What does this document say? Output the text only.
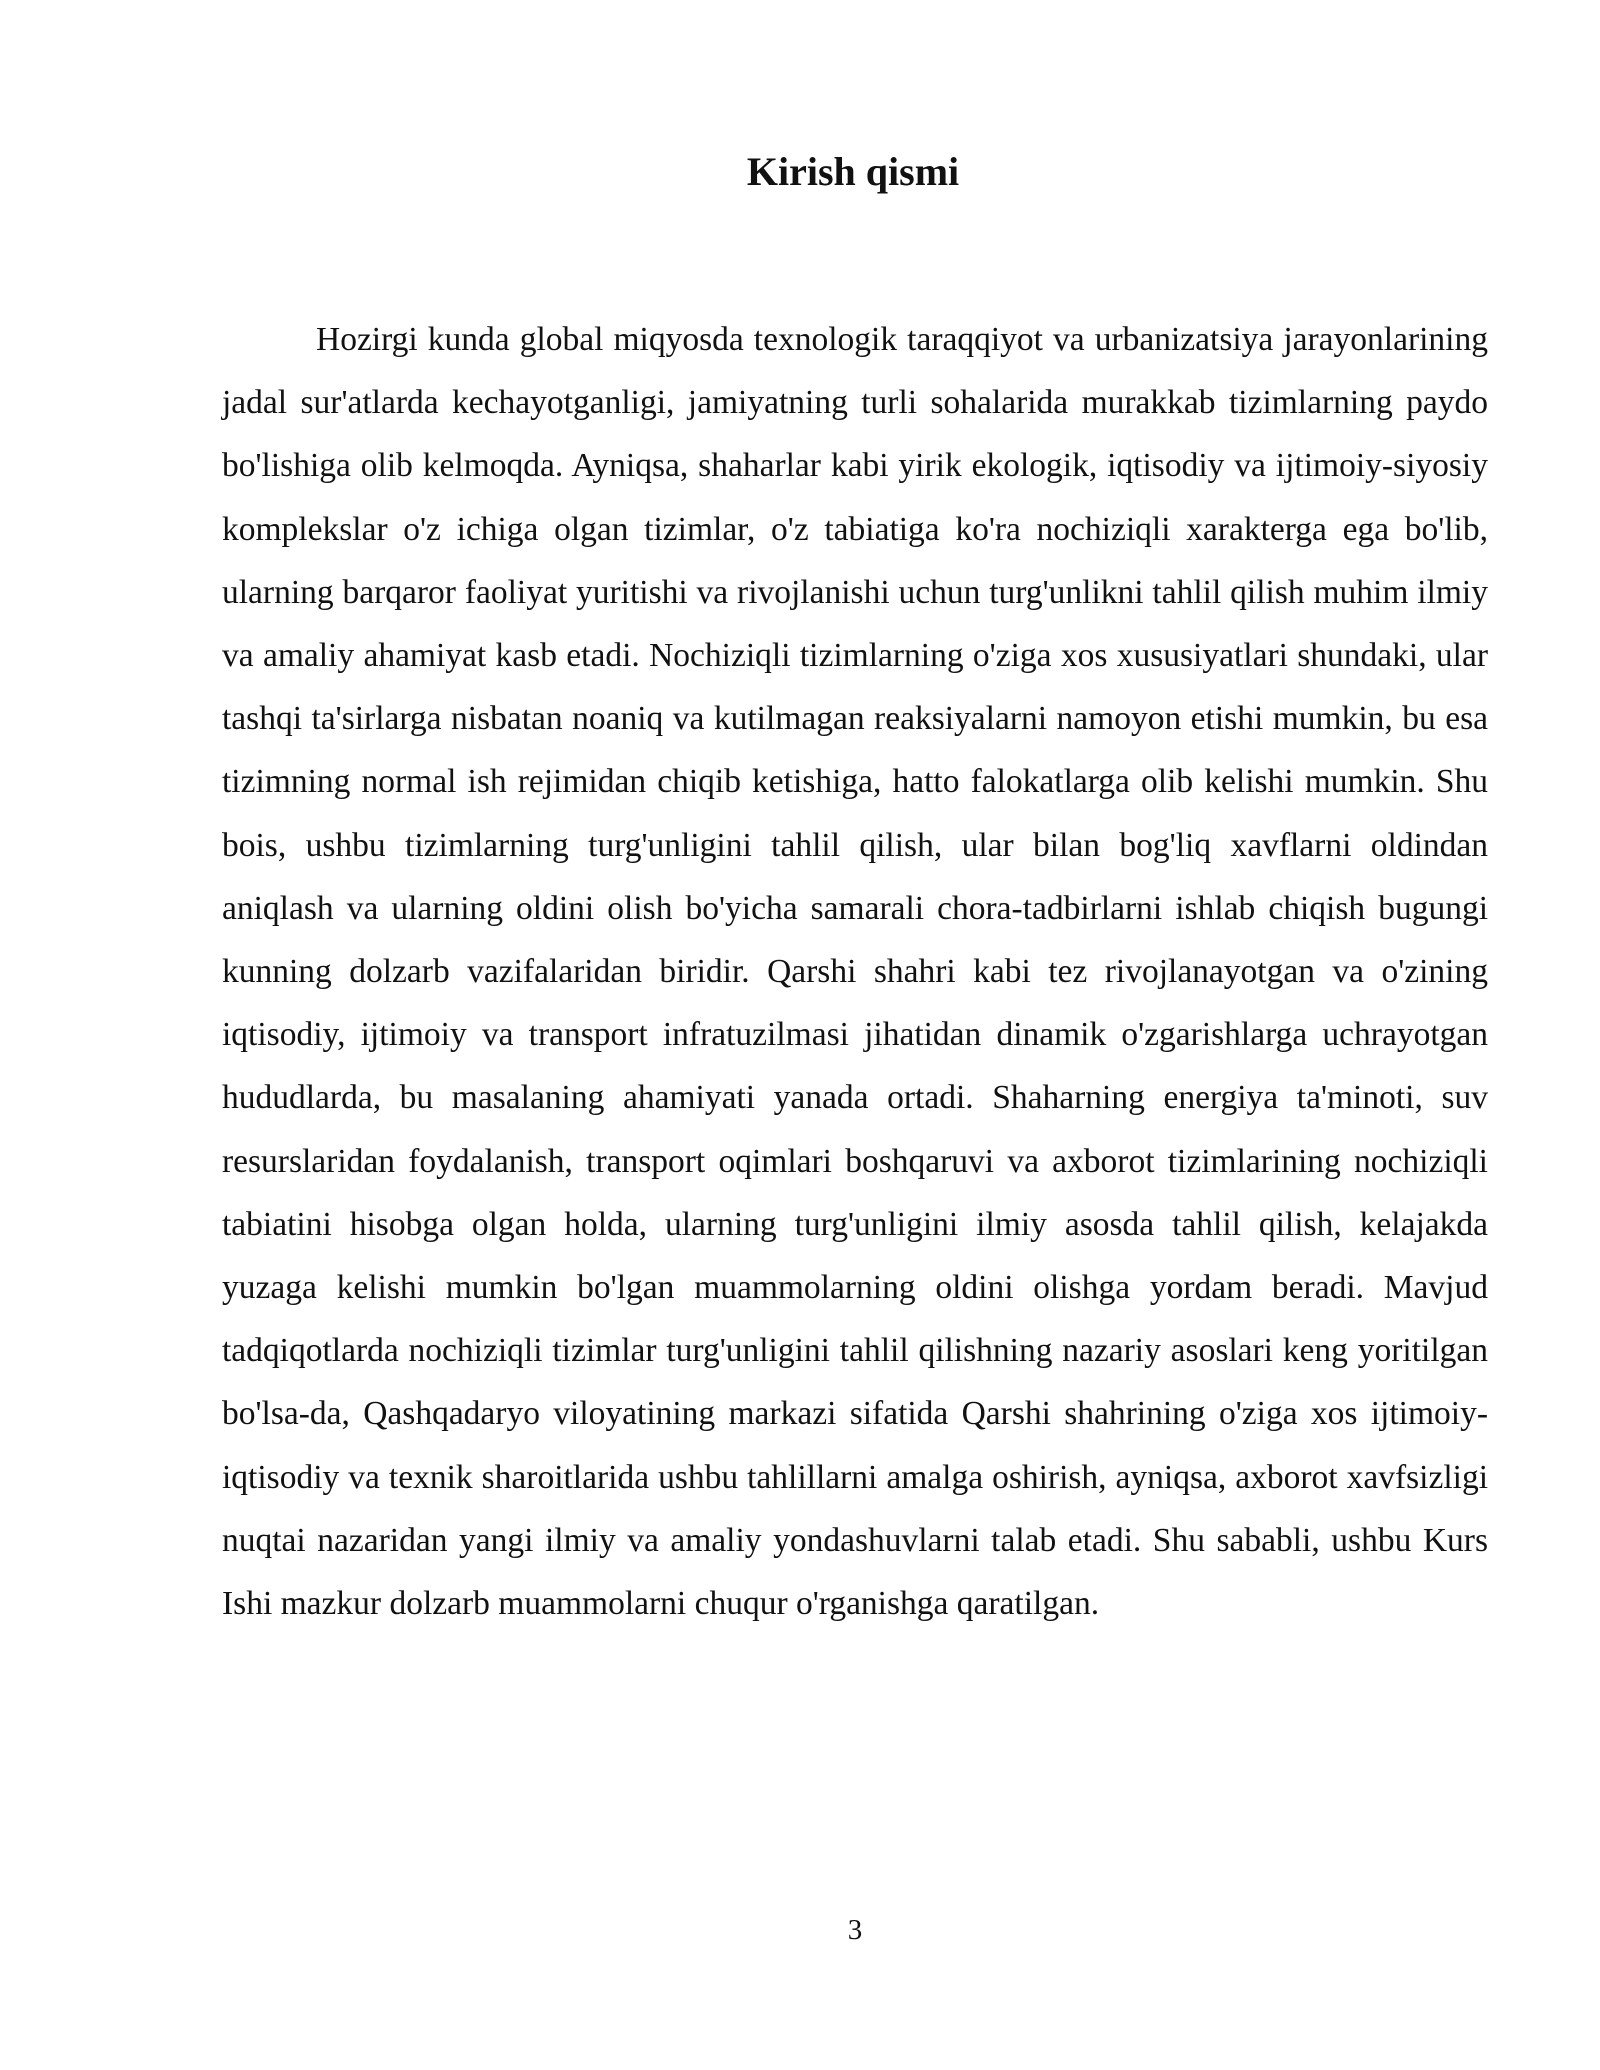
Kirish qismi

Hozirgi kunda global miqyosda texnologik taraqqiyot va urbanizatsiya jarayonlarining jadal sur'atlarda kechayotganligi, jamiyatning turli sohalarida murakkab tizimlarning paydo bo'lishiga olib kelmoqda. Ayniqsa, shaharlar kabi yirik ekologik, iqtisodiy va ijtimoiy-siyosiy komplekslar o'z ichiga olgan tizimlar, o'z tabiatiga ko'ra nochiziqli xarakterga ega bo'lib, ularning barqaror faoliyat yuritishi va rivojlanishi uchun turg'unlikni tahlil qilish muhim ilmiy va amaliy ahamiyat kasb etadi. Nochiziqli tizimlarning o'ziga xos xususiyatlari shundaki, ular tashqi ta'sirlarga nisbatan noaniq va kutilmagan reaksiyalarni namoyon etishi mumkin, bu esa tizimning normal ish rejimidan chiqib ketishiga, hatto falokatlarga olib kelishi mumkin. Shu bois, ushbu tizimlarning turg'unligini tahlil qilish, ular bilan bog'liq xavflarni oldindan aniqlash va ularning oldini olish bo'yicha samarali chora-tadbirlarni ishlab chiqish bugungi kunning dolzarb vazifalaridan biridir. Qarshi shahri kabi tez rivojlanayotgan va o'zining iqtisodiy, ijtimoiy va transport infratuzilmasi jihatidan dinamik o'zgarishlarga uchrayotgan hududlarda, bu masalaning ahamiyati yanada ortadi. Shaharning energiya ta'minoti, suv resurslaridan foydalanish, transport oqimlari boshqaruvi va axborot tizimlarining nochiziqli tabiatini hisobga olgan holda, ularning turg'unligini ilmiy asosda tahlil qilish, kelajakda yuzaga kelishi mumkin bo'lgan muammolarning oldini olishga yordam beradi. Mavjud tadqiqotlarda nochiziqli tizimlar turg'unligini tahlil qilishning nazariy asoslari keng yoritilgan bo'lsa-da, Qashqadaryo viloyatining markazi sifatida Qarshi shahrining o'ziga xos ijtimoiy-iqtisodiy va texnik sharoitlarida ushbu tahlillarni amalga oshirish, ayniqsa, axborot xavfsizligi nuqtai nazaridan yangi ilmiy va amaliy yondashuvlarni talab etadi. Shu sababli, ushbu Kurs Ishi mazkur dolzarb muammolarni chuqur o'rganishga qaratilgan.

3
